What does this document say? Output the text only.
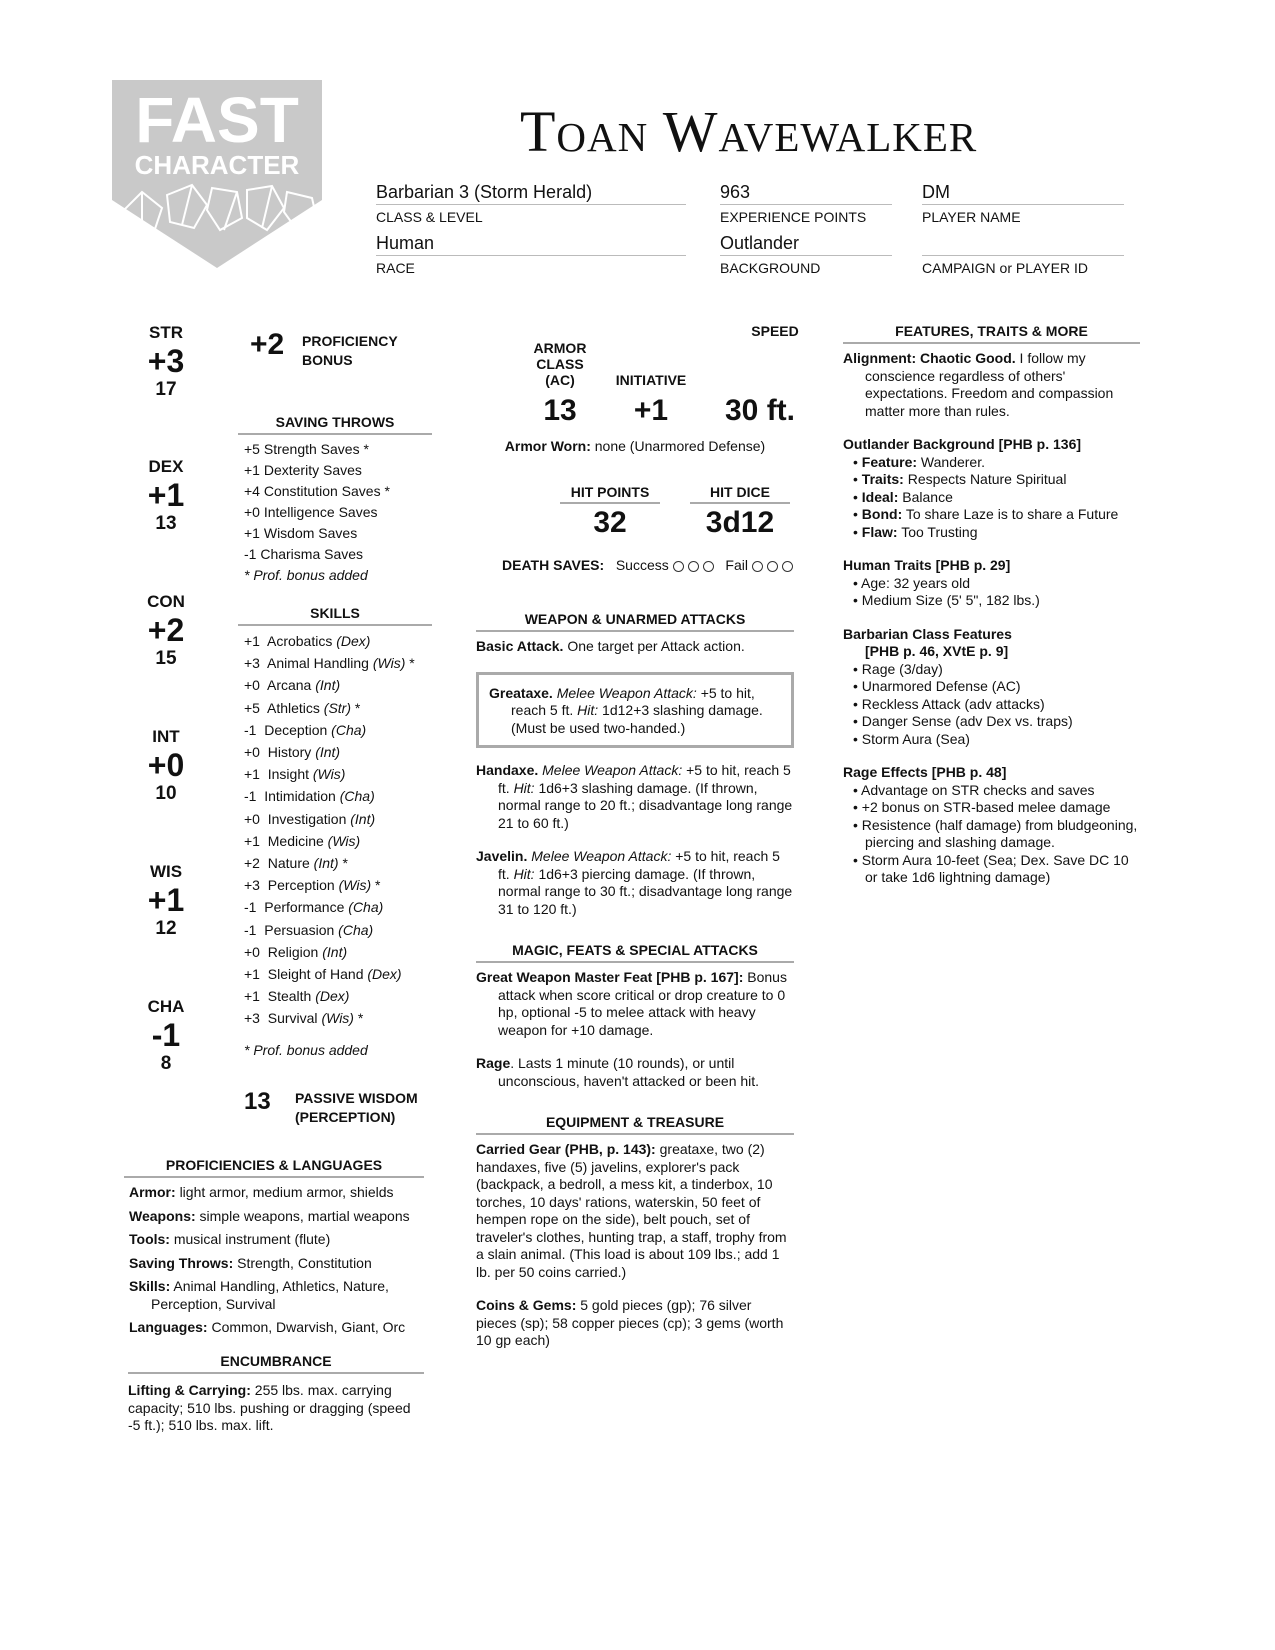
FAST
CHARACTER
Toan Wavewalker
Barbarian 3 (Storm Herald)
CLASS & LEVEL
963
EXPERIENCE POINTS
DM
PLAYER NAME
Human
RACE
Outlander
BACKGROUND	CAMPAIGN or PLAYER ID
STR
+3
17
DEX
+1
13
CON
+2
15
INT
+0
10
WIS
+1
12
CHA
-1
8
+2 PROFICIENCY
BONUS
SAVING THROWS
+5 Strength Saves *
+1 Dexterity Saves
+4 Constitution Saves *
+0 Intelligence Saves
+1 Wisdom Saves
-1 Charisma Saves
* Prof. bonus added
SKILLS
+1 Acrobatics (Dex)
+3 Animal Handling (Wis) *
+0 Arcana (Int)
+5 Athletics (Str) *
-1 Deception (Cha)
+0 History (Int)
+1 Insight (Wis)
-1 Intimidation (Cha)
+0 Investigation (Int)
+1 Medicine (Wis)
+2 Nature (Int) *
+3 Perception (Wis) *
-1 Performance (Cha)
-1 Persuasion (Cha)
+0 Religion (Int)
+1 Sleight of Hand (Dex)
+1 Stealth (Dex)
+3 Survival (Wis) *
* Prof. bonus added
13 PASSIVE WISDOM
(PERCEPTION)
PROFICIENCIES & LANGUAGES
Armor: light armor, medium armor, shields
Weapons: simple weapons, martial weapons
Tools: musical instrument (flute)
Saving Throws: Strength, Constitution
Skills: Animal Handling, Athletics, Nature, Perception, Survival
Languages: Common, Dwarvish, Giant, Orc
ENCUMBRANCE
Lifting & Carrying: 255 lbs. max. carrying capacity; 510 lbs. pushing or dragging (speed -5 ft.); 510 lbs. max. lift.
ARMOR
CLASS
(AC)	INITIATIVE
SPEED
13	+1	30 ft.
Armor Worn: none (Unarmored Defense)
HIT POINTS	HIT DICE
32	3d12
DEATH SAVES: Success	Fail
WEAPON & UNARMED ATTACKS
Basic Attack. One target per Attack action.
Greataxe. Melee Weapon Attack: +5 to hit, reach 5 ft. Hit: 1d12+3 slashing damage. (Must be used two-handed.)
Handaxe. Melee Weapon Attack: +5 to hit, reach 5 ft. Hit: 1d6+3 slashing damage. (If thrown, normal range to 20 ft.; disadvantage long range 21 to 60 ft.)
Javelin. Melee Weapon Attack: +5 to hit, reach 5 ft. Hit: 1d6+3 piercing damage. (If thrown, normal range to 30 ft.; disadvantage long range 31 to 120 ft.)
MAGIC, FEATS & SPECIAL ATTACKS
Great Weapon Master Feat [PHB p. 167]: Bonus attack when score critical or drop creature to 0 hp, optional -5 to melee attack with heavy weapon for +10 damage.
Rage. Lasts 1 minute (10 rounds), or until unconscious, haven't attacked or been hit.
EQUIPMENT & TREASURE
Carried Gear (PHB, p. 143): greataxe, two (2) handaxes, five (5) javelins, explorer's pack (backpack, a bedroll, a mess kit, a tinderbox, 10 torches, 10 days' rations, waterskin, 50 feet of hempen rope on the side), belt pouch, set of traveler's clothes, hunting trap, a staff, trophy from a slain animal. (This load is about 109 lbs.; add 1 lb. per 50 coins carried.)
Coins & Gems: 5 gold pieces (gp); 76 silver pieces (sp); 58 copper pieces (cp); 3 gems (worth 10 gp each)
FEATURES, TRAITS & MORE
Alignment: Chaotic Good. I follow my conscience regardless of others' expectations. Freedom and compassion matter more than rules.
Outlander Background [PHB p. 136]
• Feature: Wanderer.
• Traits: Respects Nature Spiritual
• Ideal: Balance
• Bond: To share Laze is to share a Future
• Flaw: Too Trusting
Human Traits [PHB p. 29]
• Age: 32 years old
• Medium Size (5' 5", 182 lbs.)
Barbarian Class Features
[PHB p. 46, XVtE p. 9]
• Rage (3/day)
• Unarmored Defense (AC)
• Reckless Attack (adv attacks)
• Danger Sense (adv Dex vs. traps)
• Storm Aura (Sea)
Rage Effects [PHB p. 48]
• Advantage on STR checks and saves
• +2 bonus on STR-based melee damage
• Resistence (half damage) from bludgeoning, piercing and slashing damage.
• Storm Aura 10-feet (Sea; Dex. Save DC 10 or take 1d6 lightning damage)
